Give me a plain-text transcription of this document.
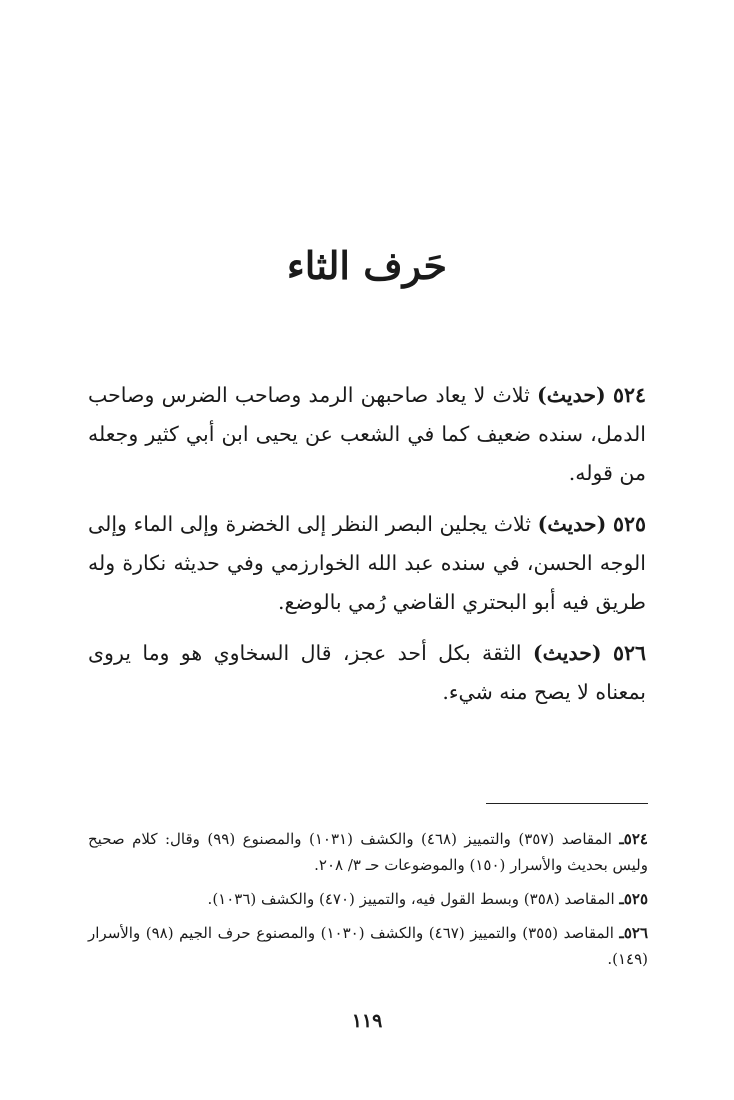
حَرف الثاء

٥٢٤ (حديث) ثلاث لا يعاد صاحبهن الرمد وصاحب الضرس وصاحب الدمل، سنده ضعيف كما في الشعب عن يحيى ابن أبي كثير وجعله من قوله.

٥٢٥ (حديث) ثلاث يجلين البصر النظر إلى الخضرة وإلى الماء وإلى الوجه الحسن، في سنده عبد الله الخوارزمي وفي حديثه نكارة وله طريق فيه أبو البحتري القاضي رُمي بالوضع.

٥٢٦ (حديث) الثقة بكل أحد عجز، قال السخاوي هو وما يروى بمعناه لا يصح منه شيء.

٥٢٤ـ المقاصد (٣٥٧) والتمييز (٤٦٨) والكشف (١٠٣١) والمصنوع (٩٩) وقال: كلام صحيح وليس بحديث والأسرار (١٥٠) والموضوعات حـ ٣/ ٢٠٨.

٥٢٥ـ المقاصد (٣٥٨) وبسط القول فيه، والتمييز (٤٧٠) والكشف (١٠٣٦).

٥٢٦ـ المقاصد (٣٥٥) والتمييز (٤٦٧) والكشف (١٠٣٠) والمصنوع حرف الجيم (٩٨) والأسرار (١٤٩).

١١٩
